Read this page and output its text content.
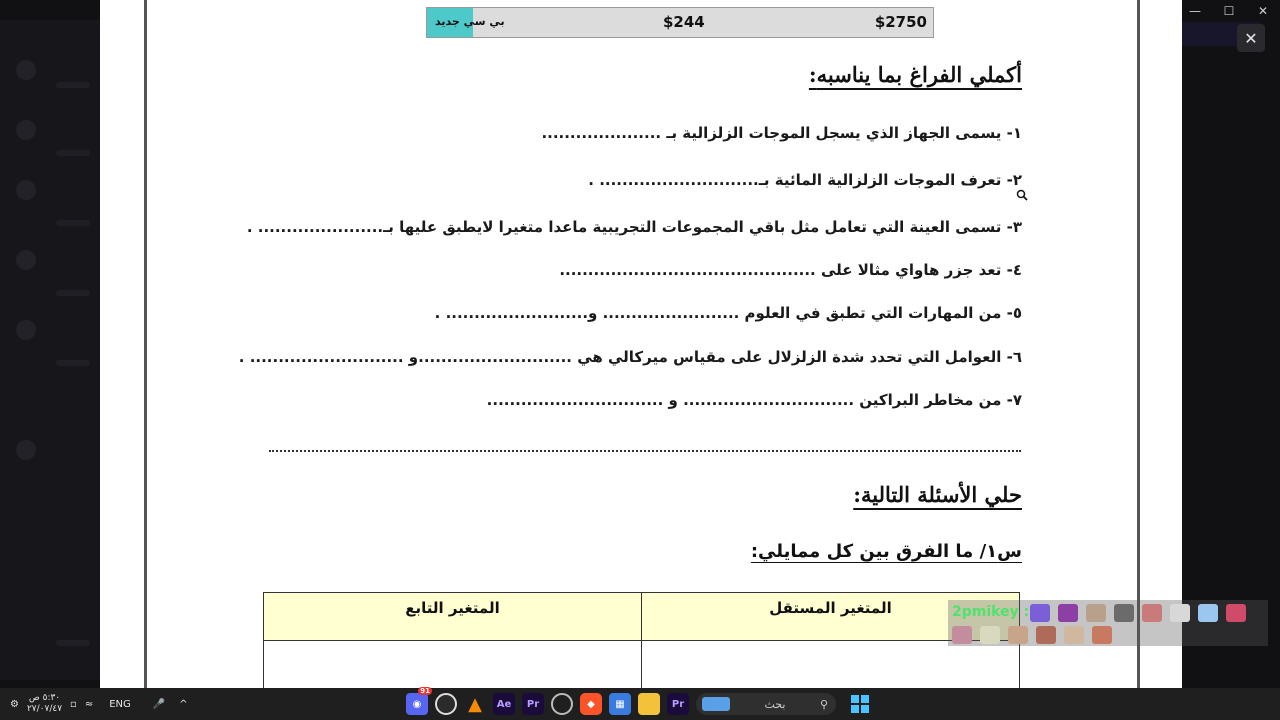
—	☐	✕
بي سي جديد	$244	$2750
أكملي الفراغ بما يناسبه:
١- يسمى الجهاز الذي يسجل الموجات الزلزالية بـ .....................
٢- تعرف الموجات الزلزالية المائية بـ............................ .
٣- تسمى العينة التي تعامل مثل باقي المجموعات التجريبية ماعدا متغيرا لايطبق عليها بـ...................... .
٤- تعد جزر هاواي مثالا على .............................................
٥- من المهارات التي تطبق في العلوم ........................ و......................... .
٦- العوامل التي تحدد شدة الزلزلال على مقياس ميركالي هي ...........................و ........................... .
٧- من مخاطر البراكين .............................. و ...............................
حلي الأسئلة التالية:
س١/ ما الفرق بين كل ممايلي:
المتغير المستقل	المتغير التابع

✕
2pmikey :
⚙
٥:٣٠ ص
٢٧/٠٧/٤٧ ▫ ≈ ENG 🎤 ^	◉
91
▲	Ae	Pr	◆	▦	Pr	بحث	⚲
